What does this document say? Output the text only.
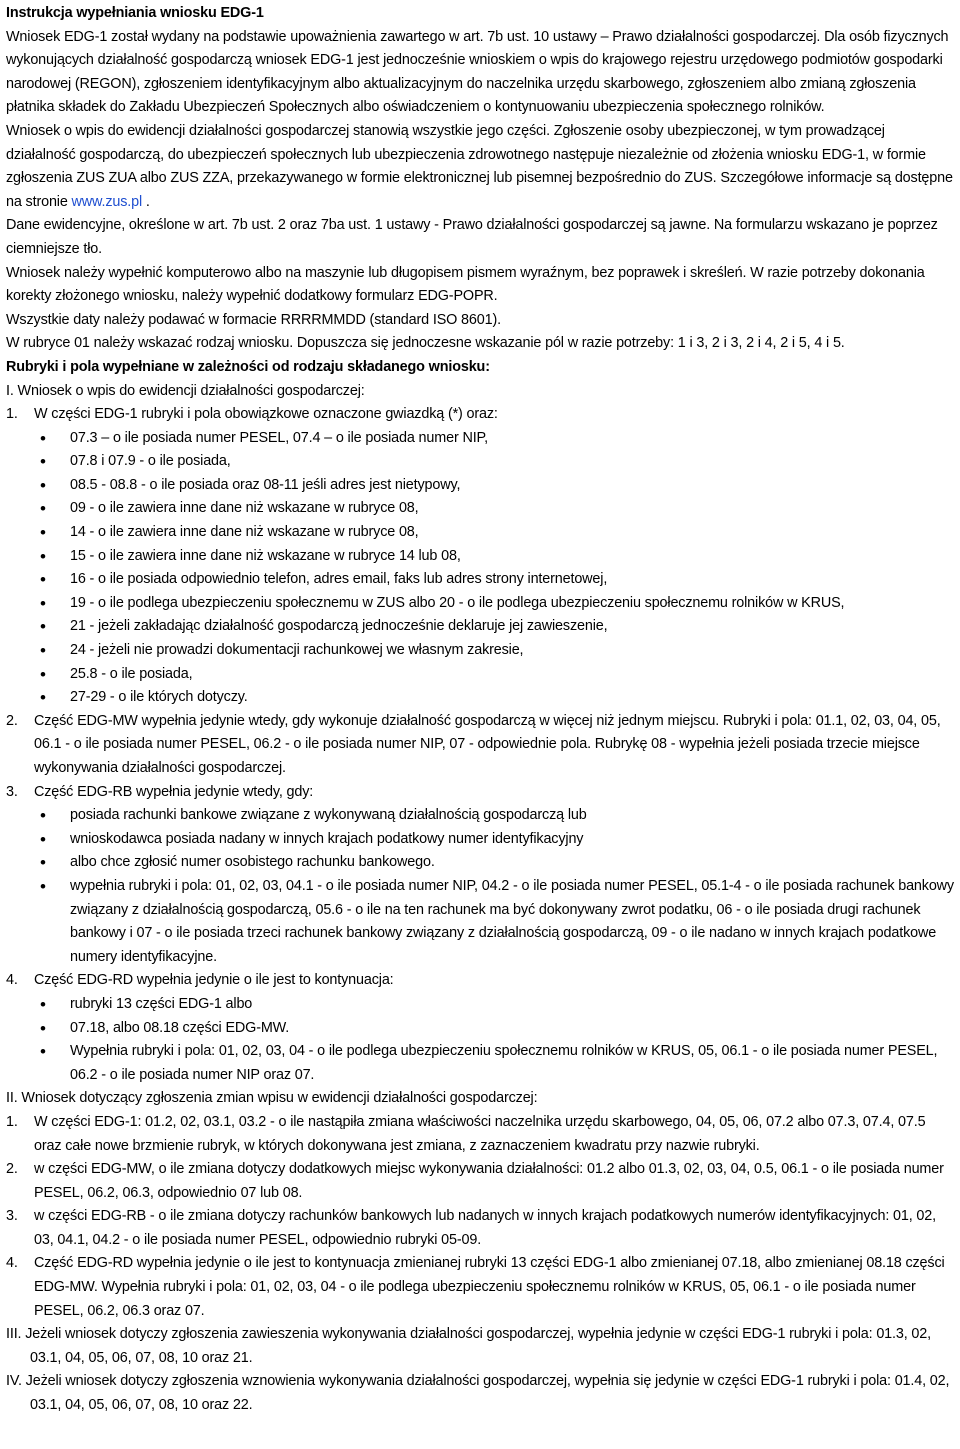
Instrukcja wypełniania wniosku EDG-1

Wniosek EDG-1 został wydany na podstawie upoważnienia zawartego w art. 7b ust. 10 ustawy – Prawo działalności gospodarczej. Dla osób fizycznych wykonujących działalność gospodarczą wniosek EDG-1 jest jednocześnie wnioskiem o wpis do krajowego rejestru urzędowego podmiotów gospodarki narodowej (REGON), zgłoszeniem identyfikacyjnym albo aktualizacyjnym do naczelnika urzędu skarbowego, zgłoszeniem albo zmianą zgłoszenia płatnika składek do Zakładu Ubezpieczeń Społecznych albo oświadczeniem o kontynuowaniu ubezpieczenia społecznego rolników.

Wniosek o wpis do ewidencji działalności gospodarczej stanowią wszystkie jego części. Zgłoszenie osoby ubezpieczonej, w tym prowadzącej działalność gospodarczą, do ubezpieczeń społecznych lub ubezpieczenia zdrowotnego następuje niezależnie od złożenia wniosku EDG-1, w formie zgłoszenia ZUS ZUA albo ZUS ZZA, przekazywanego w formie elektronicznej lub pisemnej bezpośrednio do ZUS. Szczegółowe informacje są dostępne na stronie www.zus.pl .

Dane ewidencyjne, określone w art. 7b ust. 2 oraz 7ba ust. 1 ustawy - Prawo działalności gospodarczej są jawne. Na formularzu wskazano je poprzez ciemniejsze tło.

Wniosek należy wypełnić komputerowo albo na maszynie lub długopisem pismem wyraźnym, bez poprawek i skreśleń. W razie potrzeby dokonania korekty złożonego wniosku, należy wypełnić dodatkowy formularz EDG-POPR.

Wszystkie daty należy podawać w formacie RRRRMMDD (standard ISO 8601).

W rubryce 01 należy wskazać rodzaj wniosku. Dopuszcza się jednoczesne wskazanie pól w razie potrzeby: 1 i 3, 2 i 3, 2 i 4, 2 i 5, 4 i 5.

Rubryki i pola wypełniane w zależności od rodzaju składanego wniosku:

I. Wniosek o wpis do ewidencji działalności gospodarczej:

1.	W części EDG-1 rubryki i pola obowiązkowe oznaczone gwiazdką (*) oraz:
• 07.3 – o ile posiada numer PESEL, 07.4 – o ile posiada numer NIP,
• 07.8 i 07.9 - o ile posiada,
• 08.5 - 08.8 - o ile posiada oraz 08-11 jeśli adres jest nietypowy,
• 09 - o ile zawiera inne dane niż wskazane w rubryce 08,
• 14 - o ile zawiera inne dane niż wskazane w rubryce 08,
• 15 - o ile zawiera inne dane niż wskazane w rubryce 14 lub 08,
• 16 - o ile posiada odpowiednio telefon, adres email, faks lub adres strony internetowej,
• 19 - o ile podlega ubezpieczeniu społecznemu w ZUS albo 20 - o ile podlega ubezpieczeniu społecznemu rolników w KRUS,
• 21 - jeżeli zakładając działalność gospodarczą jednocześnie deklaruje jej zawieszenie,
• 24 - jeżeli nie prowadzi dokumentacji rachunkowej we własnym zakresie,
• 25.8 - o ile posiada,
• 27-29 - o ile których dotyczy.
2.	Część EDG-MW wypełnia jedynie wtedy, gdy wykonuje działalność gospodarczą w więcej niż jednym miejscu. Rubryki i pola: 01.1, 02, 03, 04, 05, 06.1 - o ile posiada numer PESEL, 06.2 - o ile posiada numer NIP, 07 - odpowiednie pola. Rubrykę 08 - wypełnia jeżeli posiada trzecie miejsce wykonywania działalności gospodarczej.
3.	Część EDG-RB wypełnia jedynie wtedy, gdy:
• posiada rachunki bankowe związane z wykonywaną działalnością gospodarczą lub
• wnioskodawca posiada nadany w innych krajach podatkowy numer identyfikacyjny
• albo chce zgłosić numer osobistego rachunku bankowego.
• wypełnia rubryki i pola: 01, 02, 03, 04.1 - o ile posiada numer NIP, 04.2 - o ile posiada numer PESEL, 05.1-4 - o ile posiada rachunek bankowy związany z działalnością gospodarczą, 05.6 - o ile na ten rachunek ma być dokonywany zwrot podatku, 06 - o ile posiada drugi rachunek bankowy i 07 - o ile posiada trzeci rachunek bankowy związany z działalnością gospodarczą, 09 - o ile nadano w innych krajach podatkowe numery identyfikacyjne.
4.	Część EDG-RD wypełnia jedynie o ile jest to kontynuacja:
• rubryki 13 części EDG-1 albo
• 07.18, albo 08.18 części EDG-MW.
• Wypełnia rubryki i pola: 01, 02, 03, 04 - o ile podlega ubezpieczeniu społecznemu rolników w KRUS, 05, 06.1 - o ile posiada numer PESEL, 06.2 - o ile posiada numer NIP oraz 07.

II. Wniosek dotyczący zgłoszenia zmian wpisu w ewidencji działalności gospodarczej:

1.	W części EDG-1: 01.2, 02, 03.1, 03.2 - o ile nastąpiła zmiana właściwości naczelnika urzędu skarbowego, 04, 05, 06, 07.2 albo 07.3, 07.4, 07.5 oraz całe nowe brzmienie rubryk, w których dokonywana jest zmiana, z zaznaczeniem kwadratu przy nazwie rubryki.
2.	w części EDG-MW, o ile zmiana dotyczy dodatkowych miejsc wykonywania działalności: 01.2 albo 01.3, 02, 03, 04, 0.5, 06.1 - o ile posiada numer PESEL, 06.2, 06.3, odpowiednio 07 lub 08.
3.	w części EDG-RB - o ile zmiana dotyczy rachunków bankowych lub nadanych w innych krajach podatkowych numerów identyfikacyjnych: 01, 02, 03, 04.1, 04.2 - o ile posiada numer PESEL, odpowiednio rubryki 05-09.
4.	Część EDG-RD wypełnia jedynie o ile jest to kontynuacja zmienianej rubryki 13 części EDG-1 albo zmienianej 07.18, albo zmienianej 08.18 części EDG-MW. Wypełnia rubryki i pola: 01, 02, 03, 04 - o ile podlega ubezpieczeniu społecznemu rolników w KRUS, 05, 06.1 - o ile posiada numer PESEL, 06.2, 06.3 oraz 07.

III. Jeżeli wniosek dotyczy zgłoszenia zawieszenia wykonywania działalności gospodarczej, wypełnia jedynie w części EDG-1 rubryki i pola: 01.3, 02, 03.1, 04, 05, 06, 07, 08, 10 oraz 21.

IV. Jeżeli wniosek dotyczy zgłoszenia wznowienia wykonywania działalności gospodarczej, wypełnia się jedynie w części EDG-1 rubryki i pola: 01.4, 02, 03.1, 04, 05, 06, 07, 08, 10 oraz 22.
